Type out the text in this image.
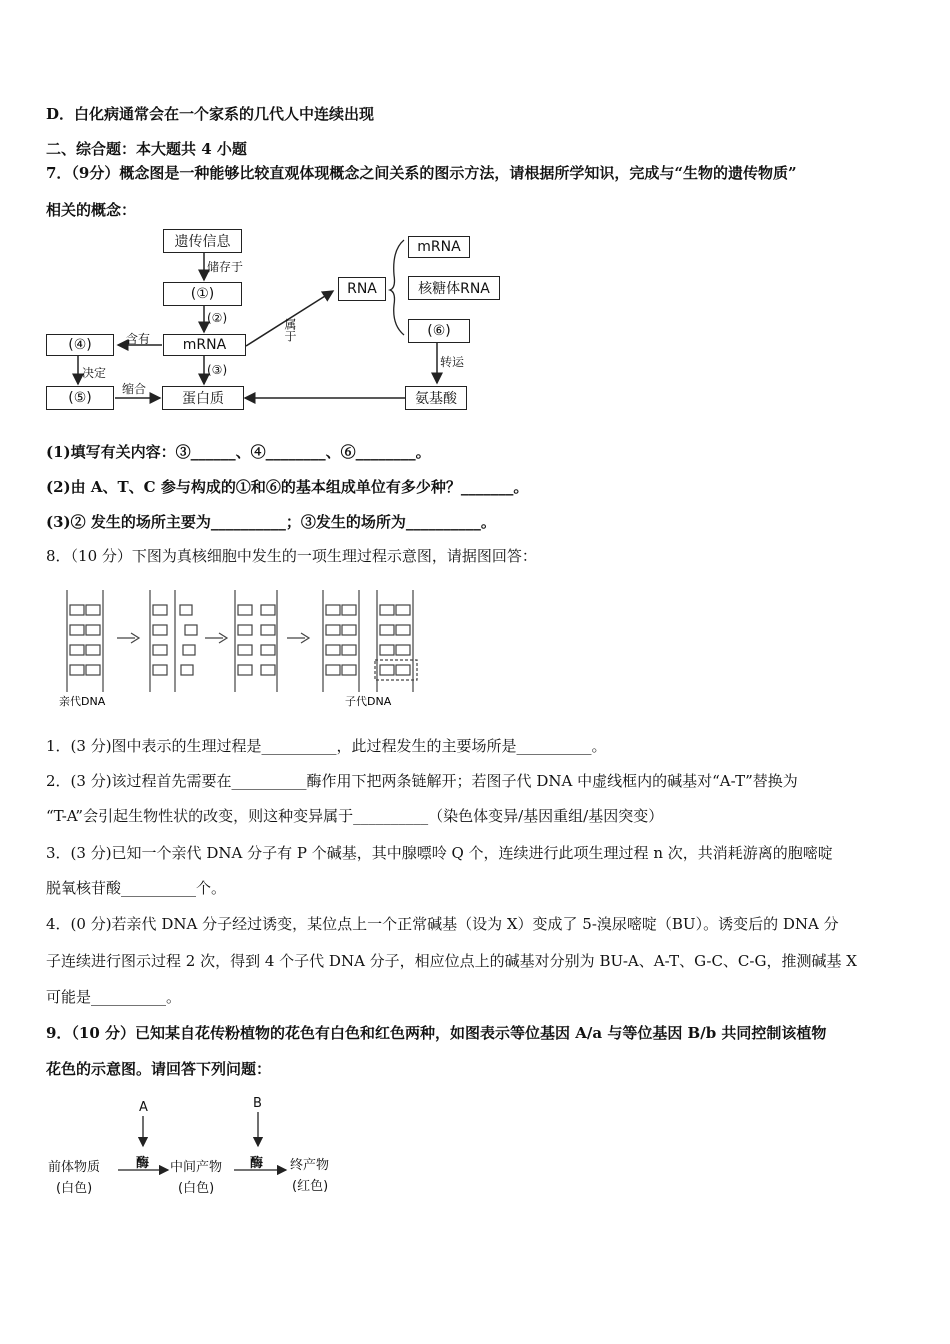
D．白化病通常会在一个家系的几代人中连续出现
二、综合题：本大题共 4 小题
7．（9分）概念图是一种能够比较直观体现概念之间关系的图示方法，请根据所学知识，完成与“生物的遗传物质”
相关的概念：
遗传信息
(①)
mRNA
(④)
(⑤)	蛋白质
RNA
mRNA
核糖体RNA
(⑥)
氨基酸
储存于
(②)
(③)
含有
决定
缩合
属于
转运
(1)填写有关内容：③______、④________、⑥________。
(2)由 A、T、C 参与构成的①和⑥的基本组成单位有多少种？_______。
(3)② 发生的场所主要为__________；③发生的场所为__________。
8．（10 分）下图为真核细胞中发生的一项生理过程示意图，请据图回答：
亲代DNA	子代DNA
1．(3 分)图中表示的生理过程是__________，此过程发生的主要场所是__________。
2．(3 分)该过程首先需要在__________酶作用下把两条链解开；若图子代 DNA 中虚线框内的碱基对“A-T”替换为
“T-A”会引起生物性状的改变，则这种变异属于__________（染色体变异/基因重组/基因突变）
3．(3 分)已知一个亲代 DNA 分子有 P 个碱基，其中腺嘌呤 Q 个，连续进行此项生理过程 n 次，共消耗游离的胞嘧啶
脱氧核苷酸__________个。
4．(0 分)若亲代 DNA 分子经过诱变，某位点上一个正常碱基（设为 X）变成了 5-溴尿嘧啶（BU）。诱变后的 DNA 分
子连续进行图示过程 2 次，得到 4 个子代 DNA 分子，相应位点上的碱基对分别为 BU-A、A-T、G-C、C-G，推测碱基 X
可能是__________。
9．（10 分）已知某自花传粉植物的花色有白色和红色两种，如图表示等位基因 A/a 与等位基因 B/b 共同控制该植物
花色的示意图。请回答下列问题：
A	B
酶	酶
前体物质
(白色)
中间产物
(白色)
终产物
(红色)
